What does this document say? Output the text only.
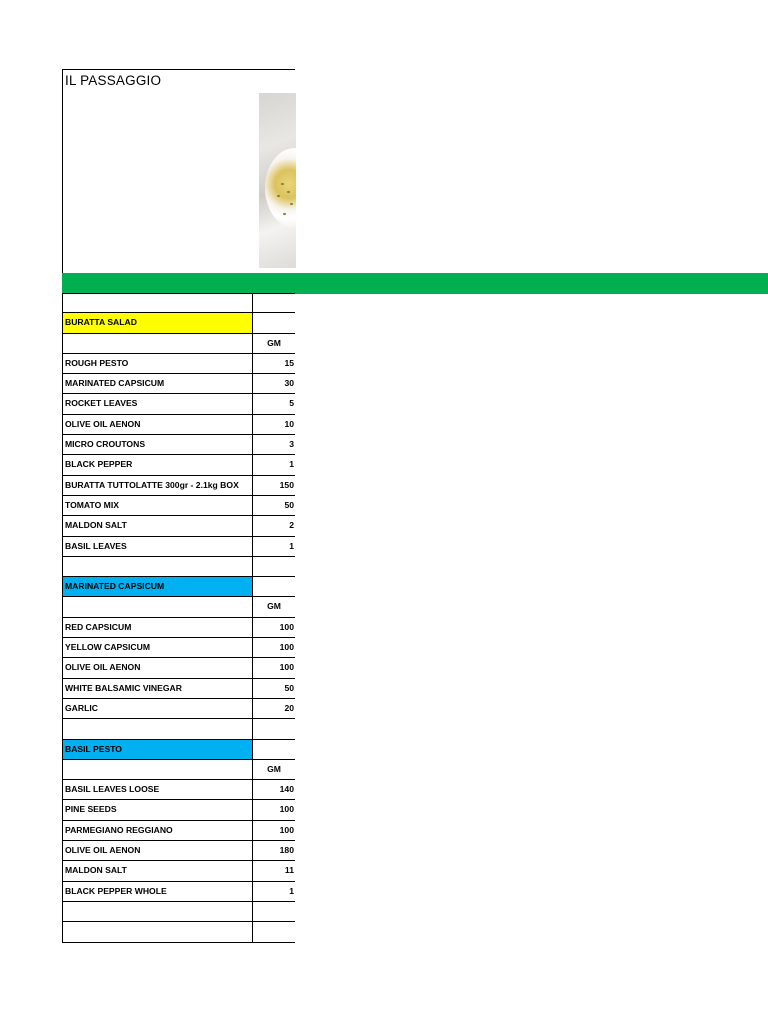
IL PASSAGGIO
BURATTA SALAD
GM
ROUGH PESTO	15
MARINATED CAPSICUM	30
ROCKET LEAVES	5
OLIVE OIL AENON	10
MICRO CROUTONS	3
BLACK PEPPER	1
BURATTA TUTTOLATTE 300gr - 2.1kg BOX	150
TOMATO MIX	50
MALDON SALT	2
BASIL LEAVES	1
MARINATED CAPSICUM
GM
RED CAPSICUM	100
YELLOW CAPSICUM	100
OLIVE OIL AENON	100
WHITE BALSAMIC VINEGAR	50
GARLIC	20
BASIL PESTO
GM
BASIL LEAVES LOOSE	140
PINE SEEDS	100
PARMEGIANO REGGIANO	100
OLIVE OIL AENON	180
MALDON SALT	11
BLACK PEPPER WHOLE	1
